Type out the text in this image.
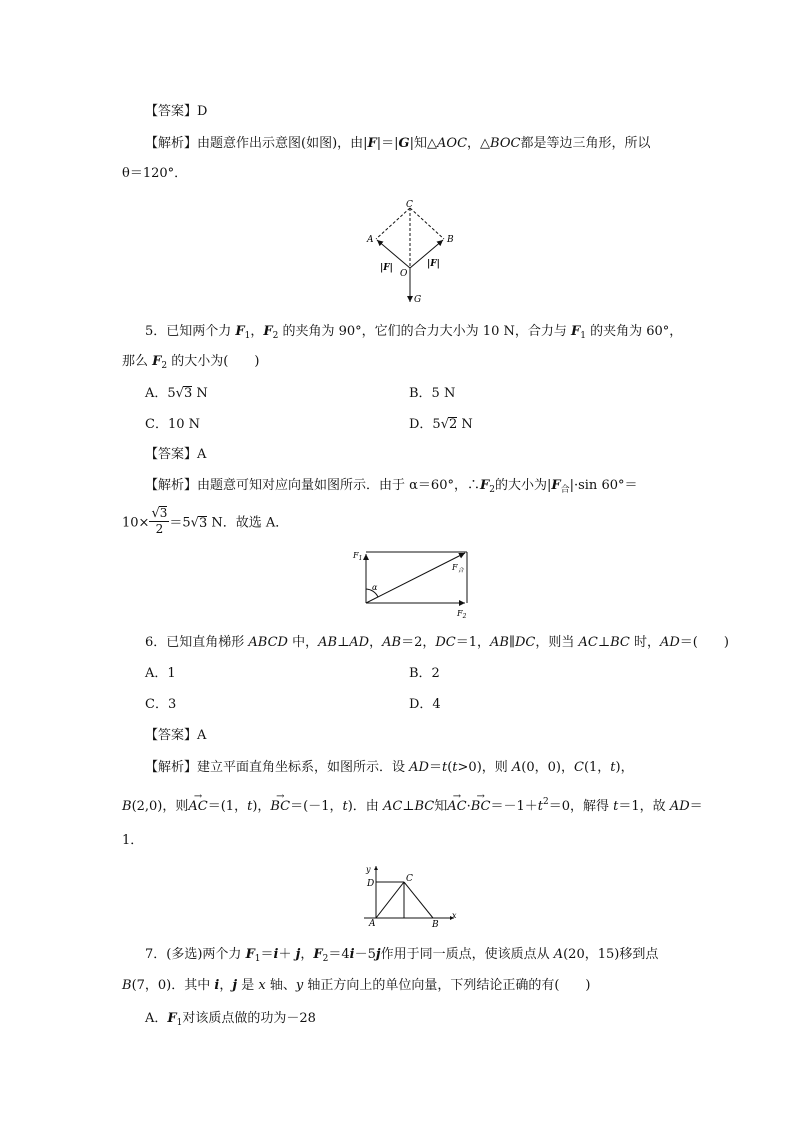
【答案】D
【解析】由题意作出示意图(如图)，由|F|＝|G|知△AOC，△BOC都是等边三角形，所以
θ＝120°．
C
A	B
O
G
|F|	|F|
5．已知两个力 $F_1$，$F_2$ 的夹角为 90°，它们的合力大小为 10 N，合力与 $F_1$ 的夹角为 60°，
那么 $F_2$ 的大小为(　　)
A．5√3 N	B．5 N
C．10 N	D．5√2 N
【答案】A
【解析】由题意可知对应向量如图所示．由于 α＝60°，$\therefore F_2$的大小为$|F_合|\cdot\sin$ 60°＝
$10\times \frac{√3}{2} =5√3$ N．故选 A．
$F_1$
$F_合$
$F_2$
α
6．已知直角梯形 ABCD 中，AB⊥AD，AB＝2，DC＝1，AB∥DC，则当 AC⊥BC 时，AD＝(　　)
A．1	B．2
C．3	D．4
【答案】A
【解析】建立平面直角坐标系，如图所示．设 AD＝t(t>0)，则 A(0，0)，C(1，t)，
B(2,0)，则→ AC＝(1，t)，→ BC＝(－1，t)．由 AC⊥BC知→ $AC\cdot\to BC=-1+t^2=0$，解得 t＝1，故 AD＝
1．
y
x
D	C
A	B
7．(多选)两个力 $F_1=i+ j$，$F_2=4i-5j$作用于同一质点，使该质点从 A(20，15)移到点
B(7，0)．其中 i，j 是 x 轴、y 轴正方向上的单位向量，下列结论正确的有(　　)
A．$F_1$对该质点做的功为－28
